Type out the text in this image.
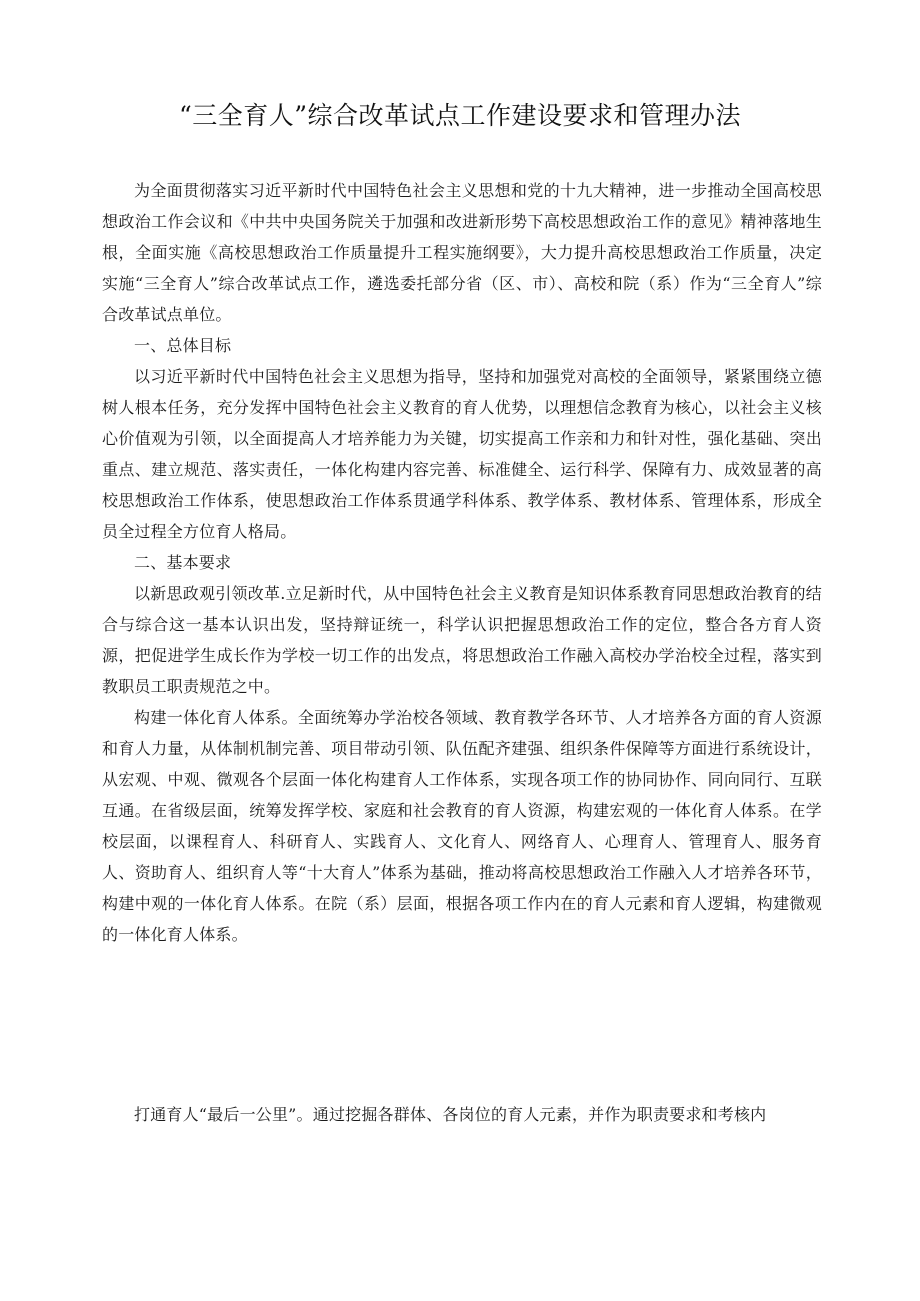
“三全育人”综合改革试点工作建设要求和管理办法

为全面贯彻落实习近平新时代中国特色社会主义思想和党的十九大精神，进一步推动全国高校思想政治工作会议和《中共中央国务院关于加强和改进新形势下高校思想政治工作的意见》精神落地生根，全面实施《高校思想政治工作质量提升工程实施纲要》，大力提升高校思想政治工作质量，决定实施“三全育人”综合改革试点工作，遴选委托部分省（区、市）、高校和院（系）作为“三全育人”综合改革试点单位。

一、总体目标

以习近平新时代中国特色社会主义思想为指导，坚持和加强党对高校的全面领导，紧紧围绕立德树人根本任务，充分发挥中国特色社会主义教育的育人优势，以理想信念教育为核心，以社会主义核心价值观为引领，以全面提高人才培养能力为关键，切实提高工作亲和力和针对性，强化基础、突出重点、建立规范、落实责任，一体化构建内容完善、标准健全、运行科学、保障有力、成效显著的高校思想政治工作体系，使思想政治工作体系贯通学科体系、教学体系、教材体系、管理体系，形成全员全过程全方位育人格局。

二、基本要求

以新思政观引领改革.立足新时代，从中国特色社会主义教育是知识体系教育同思想政治教育的结合与综合这一基本认识出发，坚持辩证统一，科学认识把握思想政治工作的定位，整合各方育人资源，把促进学生成长作为学校一切工作的出发点，将思想政治工作融入高校办学治校全过程，落实到教职员工职责规范之中。

构建一体化育人体系。全面统筹办学治校各领域、教育教学各环节、人才培养各方面的育人资源和育人力量，从体制机制完善、项目带动引领、队伍配齐建强、组织条件保障等方面进行系统设计，从宏观、中观、微观各个层面一体化构建育人工作体系，实现各项工作的协同协作、同向同行、互联互通。在省级层面，统筹发挥学校、家庭和社会教育的育人资源，构建宏观的一体化育人体系。在学校层面，以课程育人、科研育人、实践育人、文化育人、网络育人、心理育人、管理育人、服务育人、资助育人、组织育人等“十大育人”体系为基础，推动将高校思想政治工作融入人才培养各环节，构建中观的一体化育人体系。在院（系）层面，根据各项工作内在的育人元素和育人逻辑，构建微观的一体化育人体系。

打通育人“最后一公里”。通过挖掘各群体、各岗位的育人元素，并作为职责要求和考核内
